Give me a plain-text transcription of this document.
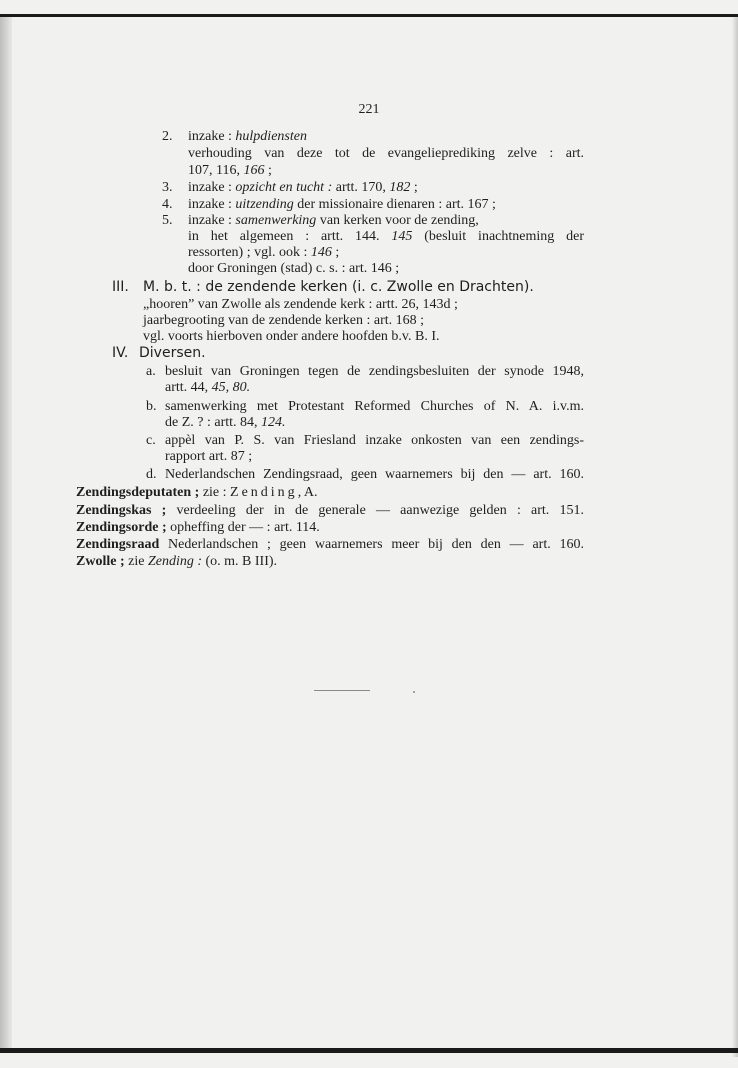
221
2. inzake : hulpdiensten
verhouding van deze tot de evangelieprediking zelve : art.
107, 116, 166 ;
3. inzake : opzicht en tucht : artt. 170, 182 ;
4. inzake : uitzending der missionaire dienaren : art. 167 ;
5. inzake : samenwerking van kerken voor de zending,
in het algemeen : artt. 144. 145 (besluit inachtneming der
ressorten) ; vgl. ook : 146 ;
door Groningen (stad) c. s. : art. 146 ;
III. M. b. t. : de zendende kerken (i. c. Zwolle en Drachten).
„hooren” van Zwolle als zendende kerk : artt. 26, 143d ;
jaarbegrooting van de zendende kerken : art. 168 ;
vgl. voorts hierboven onder andere hoofden b.v. B. I.
IV. Diversen.
a. besluit van Groningen tegen de zendingsbesluiten der synode 1948,
artt. 44, 45, 80.
b. samenwerking met Protestant Reformed Churches of N. A. i.v.m.
de Z. ? : artt. 84, 124.
c. appèl van P. S. van Friesland inzake onkosten van een zendings-
rapport art. 87 ;
d. Nederlandschen Zendingsraad, geen waarnemers bij den — art. 160.
Zendingsdeputaten ; zie : Zending, A.
Zendingskas ; verdeeling der in de generale — aanwezige gelden : art. 151.
Zendingsorde ; opheffing der — : art. 114.
Zendingsraad Nederlandschen ; geen waarnemers meer bij den den — art. 160.
Zwolle ; zie Zending : (o. m. B III).
